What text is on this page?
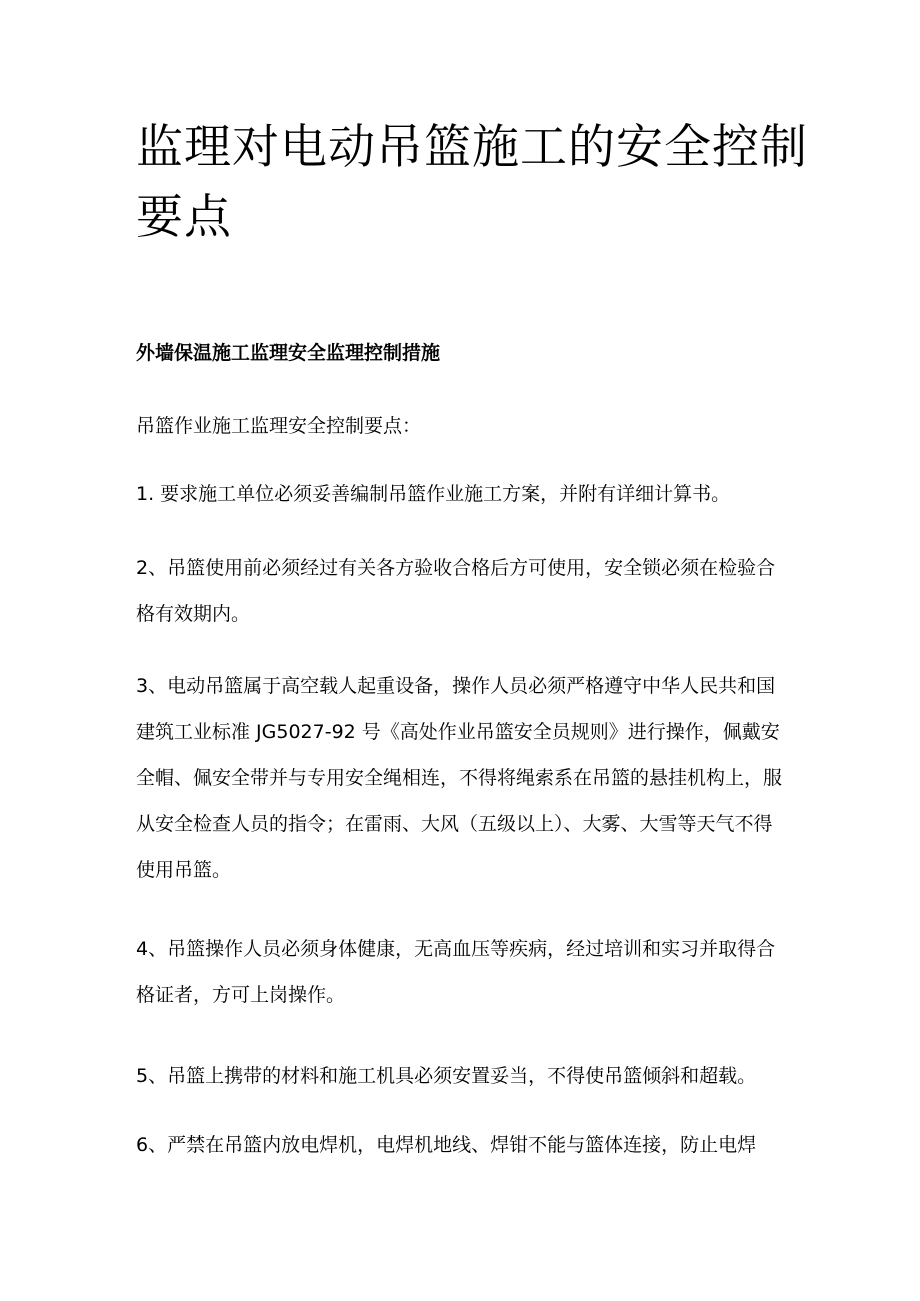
监理对电动吊篮施工的安全控制要点
外墙保温施工监理安全监理控制措施

吊篮作业施工监理安全控制要点：

1. 要求施工单位必须妥善编制吊篮作业施工方案，并附有详细计算书。

2、吊篮使用前必须经过有关各方验收合格后方可使用，安全锁必须在检验合格有效期内。

3、电动吊篮属于高空载人起重设备，操作人员必须严格遵守中华人民共和国建筑工业标准 JG5027-92 号《高处作业吊篮安全员规则》进行操作，佩戴安全帽、佩安全带并与专用安全绳相连，不得将绳索系在吊篮的悬挂机构上，服从安全检查人员的指令；在雷雨、大风（五级以上）、大雾、大雪等天气不得使用吊篮。

4、吊篮操作人员必须身体健康，无高血压等疾病，经过培训和实习并取得合格证者，方可上岗操作。

5、吊篮上携带的材料和施工机具必须安置妥当，不得使吊篮倾斜和超载。

6、严禁在吊篮内放电焊机，电焊机地线、焊钳不能与篮体连接，防止电焊
